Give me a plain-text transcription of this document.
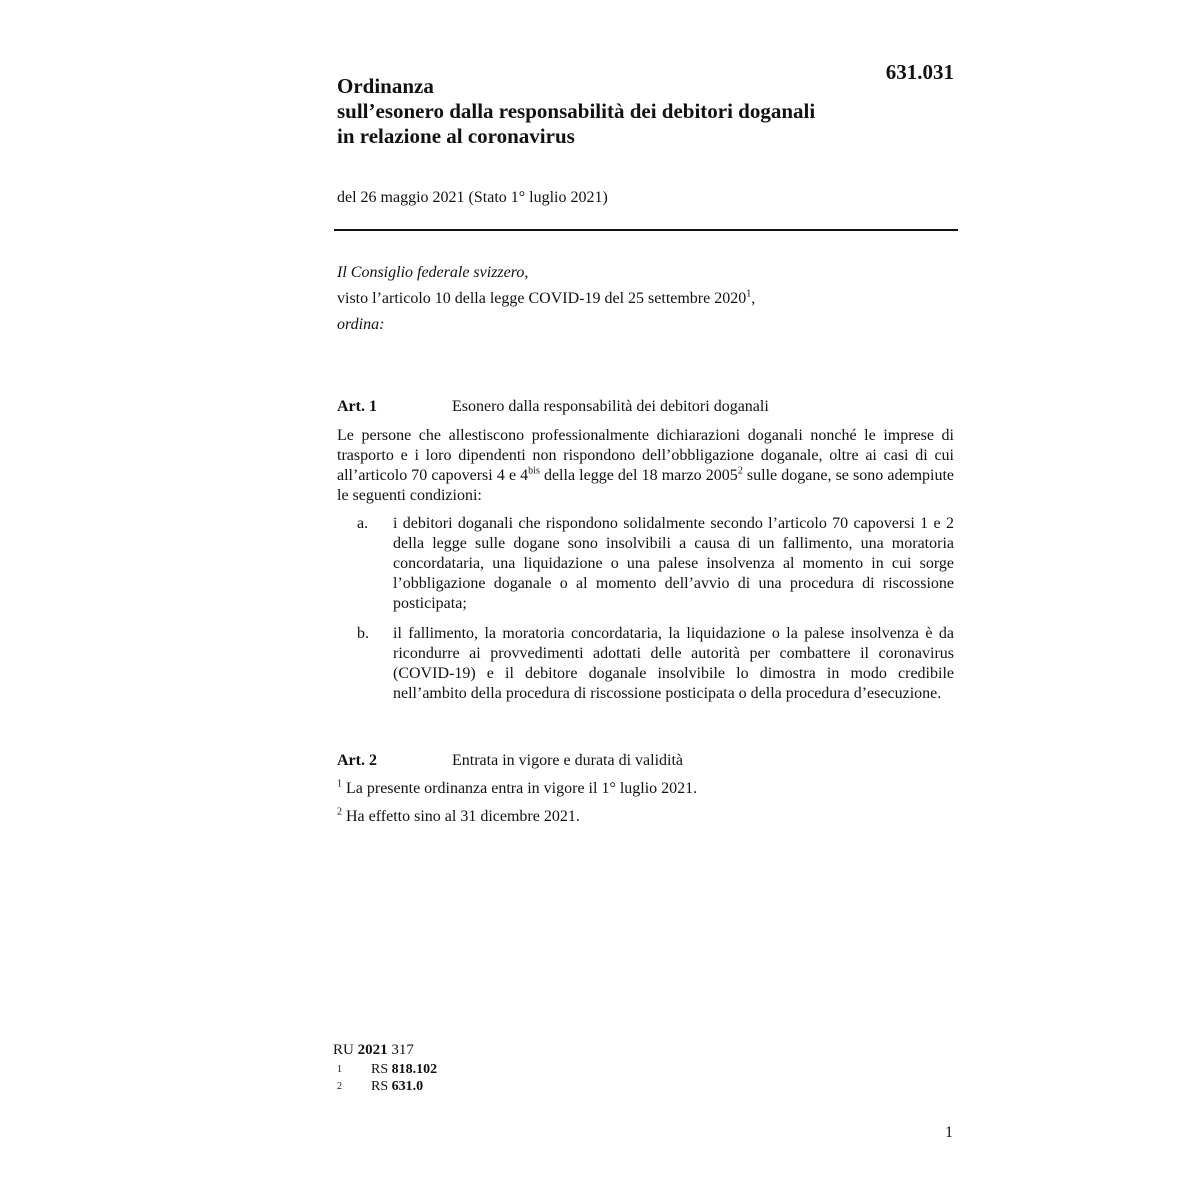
631.031
Ordinanza
sull’esonero dalla responsabilità dei debitori doganali
in relazione al coronavirus
del 26 maggio 2021 (Stato 1° luglio 2021)
Il Consiglio federale svizzero,
visto l’articolo 10 della legge COVID-19 del 25 settembre 2020$^1$,
ordina:
Art. 1	Esonero dalla responsabilità dei debitori doganali
Le persone che allestiscono professionalmente dichiarazioni doganali nonché le imprese di trasporto e i loro dipendenti non rispondono dell’obbligazione doganale, oltre ai casi di cui all’articolo 70 capoversi 4 e $4^{bis}$ della legge del 18 marzo 2005$^2$ sulle dogane, se sono adempiute le seguenti condizioni:
a.	i debitori doganali che rispondono solidalmente secondo l’articolo 70 capoversi 1 e 2 della legge sulle dogane sono insolvibili a causa di un fallimento, una moratoria concordataria, una liquidazione o una palese insolvenza al momento in cui sorge l’obbligazione doganale o al momento dell’avvio di una procedura di riscossione posticipata;
b.	il fallimento, la moratoria concordataria, la liquidazione o la palese insolvenza è da ricondurre ai provvedimenti adottati delle autorità per combattere il coronavirus (COVID-19) e il debitore doganale insolvibile lo dimostra in modo credibile nell’ambito della procedura di riscossione posticipata o della procedura d’esecuzione.
Art. 2	Entrata in vigore e durata di validità
$^1$ La presente ordinanza entra in vigore il 1° luglio 2021.
$^2$ Ha effetto sino al 31 dicembre 2021.
RU 2021 317
1	RS
818.102
2	RS
631.0
1
